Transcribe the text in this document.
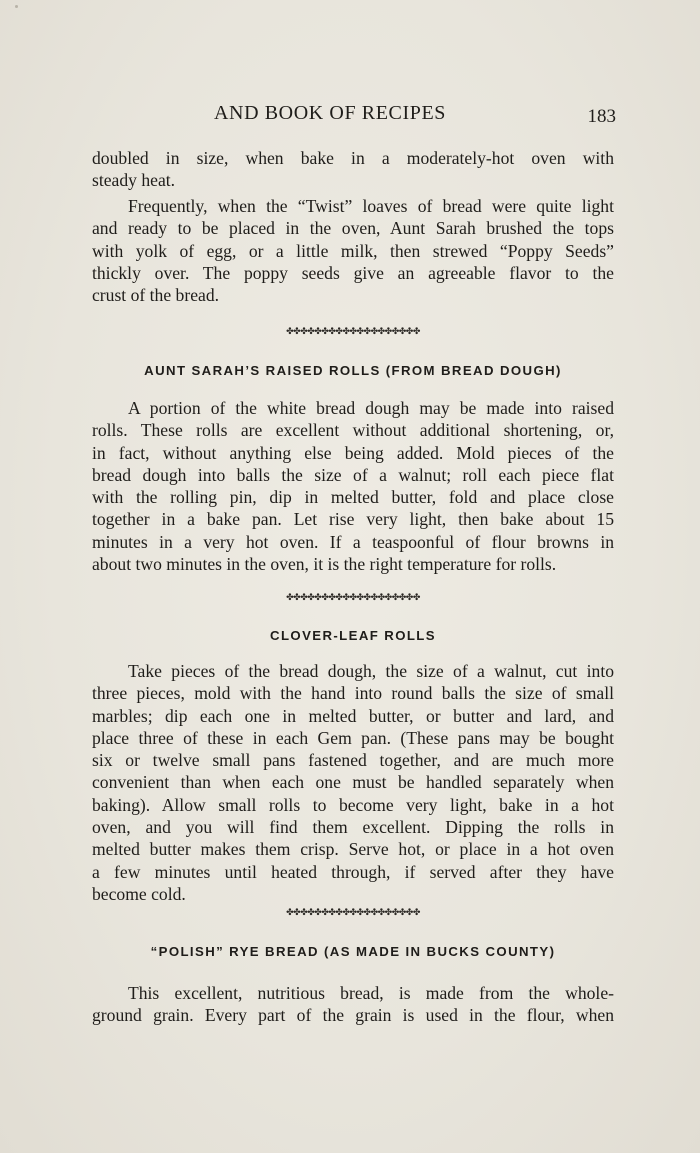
AND BOOK OF RECIPES	183
doubled in size, when bake in a moderately-hot oven with
steady heat.
Frequently, when the “Twist” loaves of bread were quite light
and ready to be placed in the oven, Aunt Sarah brushed the tops
with yolk of egg, or a little milk, then strewed “Poppy Seeds”
thickly over. The poppy seeds give an agreeable flavor to the
crust of the bread.
✤✤✤✤✤✤✤✤✤✤✤✤✤✤✤✤✤✤✤
AUNT SARAH’S RAISED ROLLS (FROM BREAD DOUGH)
A portion of the white bread dough may be made into raised
rolls. These rolls are excellent without additional shortening, or,
in fact, without anything else being added. Mold pieces of the
bread dough into balls the size of a walnut; roll each piece flat
with the rolling pin, dip in melted butter, fold and place close
together in a bake pan. Let rise very light, then bake about 15
minutes in a very hot oven. If a teaspoonful of flour browns in
about two minutes in the oven, it is the right temperature for rolls.
✤✤✤✤✤✤✤✤✤✤✤✤✤✤✤✤✤✤✤
CLOVER-LEAF ROLLS
Take pieces of the bread dough, the size of a walnut, cut into
three pieces, mold with the hand into round balls the size of small
marbles; dip each one in melted butter, or butter and lard, and
place three of these in each Gem pan. (These pans may be bought
six or twelve small pans fastened together, and are much more
convenient than when each one must be handled separately when
baking). Allow small rolls to become very light, bake in a hot
oven, and you will find them excellent. Dipping the rolls in
melted butter makes them crisp. Serve hot, or place in a hot oven
a few minutes until heated through, if served after they have
become cold.
✤✤✤✤✤✤✤✤✤✤✤✤✤✤✤✤✤✤✤
“POLISH” RYE BREAD (AS MADE IN BUCKS COUNTY)
This excellent, nutritious bread, is made from the whole-
ground grain. Every part of the grain is used in the flour, when
